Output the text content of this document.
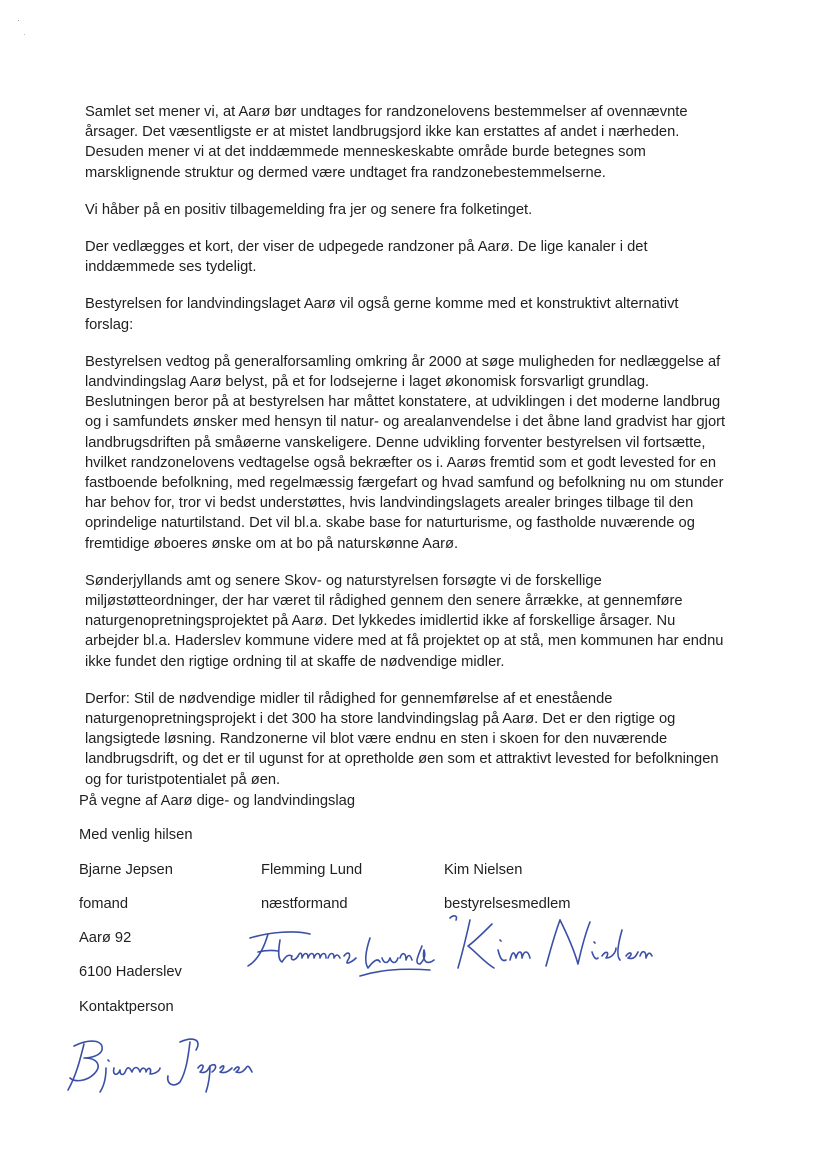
Samlet set mener vi, at Aarø bør undtages for randzonelovens bestemmelser af ovennævnte
årsager. Det væsentligste er at mistet landbrugsjord ikke kan erstattes af andet i nærheden.
Desuden mener vi at det inddæmmede menneskeskabte område burde betegnes som
marsklignende struktur og dermed være undtaget fra randzonebestemmelserne.

Vi håber på en positiv tilbagemelding fra jer og senere fra folketinget.

Der vedlægges et kort, der viser de udpegede randzoner på Aarø. De lige kanaler i det
inddæmmede ses tydeligt.

Bestyrelsen for landvindingslaget Aarø vil også gerne komme med et konstruktivt alternativt
forslag:

Bestyrelsen vedtog på generalforsamling omkring år 2000 at søge muligheden for nedlæggelse af
landvindingslag Aarø belyst, på et for lodsejerne i laget økonomisk forsvarligt grundlag.
Beslutningen beror på at bestyrelsen har måttet konstatere, at udviklingen i det moderne landbrug
og i samfundets ønsker med hensyn til natur- og arealanvendelse i det åbne land gradvist har gjort
landbrugsdriften på småøerne vanskeligere. Denne udvikling forventer bestyrelsen vil fortsætte,
hvilket randzonelovens vedtagelse også bekræfter os i. Aarøs fremtid som et godt levested for en
fastboende befolkning, med regelmæssig færgefart og hvad samfund og befolkning nu om stunder
har behov for, tror vi bedst understøttes, hvis landvindingslagets arealer bringes tilbage til den
oprindelige naturtilstand. Det vil bl.a. skabe base for naturturisme, og fastholde nuværende og
fremtidige øboeres ønske om at bo på naturskønne Aarø.

Sønderjyllands amt og senere Skov- og naturstyrelsen forsøgte vi de forskellige
miljøstøtteordninger, der har været til rådighed gennem den senere årrække, at gennemføre
naturgenopretningsprojektet på Aarø. Det lykkedes imidlertid ikke af forskellige årsager. Nu
arbejder bl.a. Haderslev kommune videre med at få projektet op at stå, men kommunen har endnu
ikke fundet den rigtige ordning til at skaffe de nødvendige midler.

Derfor: Stil de nødvendige midler til rådighed for gennemførelse af et enestående
naturgenopretningsprojekt i det 300 ha store landvindingslag på Aarø. Det er den rigtige og
langsigtede løsning. Randzonerne vil blot være endnu en sten i skoen for den nuværende
landbrugsdrift, og det er til ugunst for at opretholde øen som et attraktivt levested for befolkningen
og for turistpotentialet på øen.

På vegne af Aarø dige- og landvindingslag
Med venlig hilsen
Bjarne Jepsen	Flemming Lund	Kim Nielsen
fomand	næstformand	bestyrelsesmedlem
Aarø 92
6100 Haderslev
Kontaktperson
